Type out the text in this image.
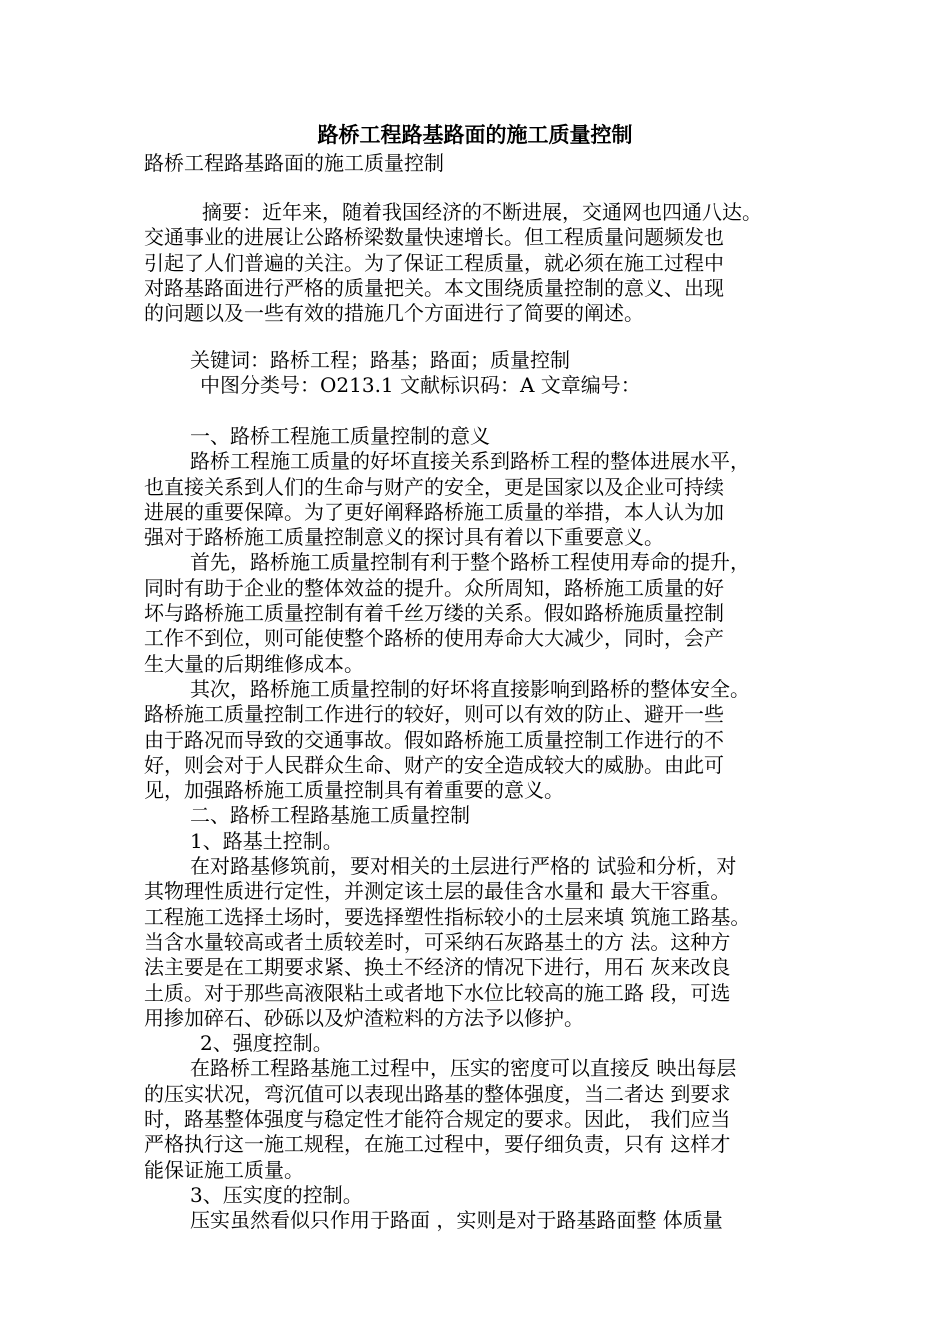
路桥工程路基路面的施工质量控制
路桥工程路基路面的施工质量控制

摘要：近年来，随着我国经济的不断进展，交通网也四通八达。

交通事业的进展让公路桥梁数量快速增长。但工程质量问题频发也

引起了人们普遍的关注。为了保证工程质量，就必须在施工过程中

对路基路面进行严格的质量把关。本文围绕质量控制的意义、出现

的问题以及一些有效的措施几个方面进行了简要的阐述。

关键词：路桥工程；路基；路面；质量控制

中图分类号：O213.1 文献标识码：A 文章编号：

一、路桥工程施工质量控制的意义

路桥工程施工质量的好坏直接关系到路桥工程的整体进展水平，

也直接关系到人们的生命与财产的安全，更是国家以及企业可持续

进展的重要保障。为了更好阐释路桥施工质量的举措，本人认为加

强对于路桥施工质量控制意义的探讨具有着以下重要意义。

首先，路桥施工质量控制有利于整个路桥工程使用寿命的提升，

同时有助于企业的整体效益的提升。众所周知，路桥施工质量的好

坏与路桥施工质量控制有着千丝万缕的关系。假如路桥施质量控制

工作不到位，则可能使整个路桥的使用寿命大大减少，同时，会产

生大量的后期维修成本。

其次，路桥施工质量控制的好坏将直接影响到路桥的整体安全。

路桥施工质量控制工作进行的较好，则可以有效的防止、避开一些

由于路况而导致的交通事故。假如路桥施工质量控制工作进行的不

好，则会对于人民群众生命、财产的安全造成较大的威胁。由此可

见，加强路桥施工质量控制具有着重要的意义。

二、路桥工程路基施工质量控制

1、路基土控制。

在对路基修筑前，要对相关的土层进行严格的 试验和分析，对

其物理性质进行定性，并测定该土层的最佳含水量和 最大干容重。

工程施工选择土场时，要选择塑性指标较小的土层来填 筑施工路基。

当含水量较高或者土质较差时，可采纳石灰路基土的方 法。这种方

法主要是在工期要求紧、换土不经济的情况下进行，用石 灰来改良

土质。对于那些高液限粘土或者地下水位比较高的施工路 段，可选

用掺加碎石、砂砾以及炉渣粒料的方法予以修护。

2、强度控制。

在路桥工程路基施工过程中，压实的密度可以直接反 映出每层

的压实状况，弯沉值可以表现出路基的整体强度，当二者达 到要求

时，路基整体强度与稳定性才能符合规定的要求。因此， 我们应当

严格执行这一施工规程，在施工过程中，要仔细负责，只有 这样才

能保证施工质量。

3、压实度的控制。

压实虽然看似只作用于路面 ，实则是对于路基路面整 体质量
